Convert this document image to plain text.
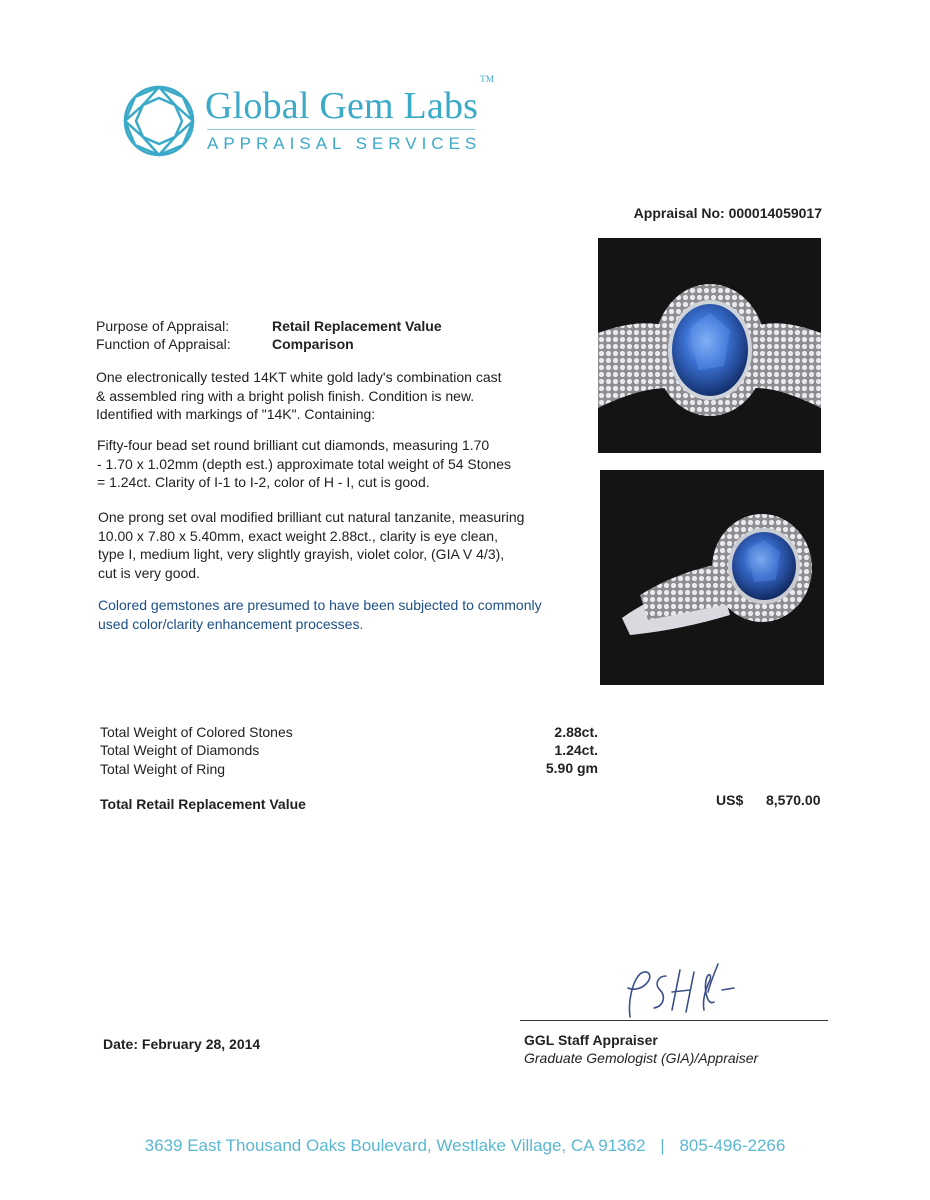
Global Gem Labs™
APPRAISAL SERVICES
Appraisal No: 000014059017
Purpose of Appraisal:	Retail Replacement Value
Function of Appraisal:	Comparison
One electronically tested 14KT white gold lady's combination cast
& assembled ring with a bright polish finish. Condition is new.
Identified with markings of "14K". Containing:
Fifty-four bead set round brilliant cut diamonds, measuring 1.70
- 1.70 x 1.02mm (depth est.) approximate total weight of 54 Stones
= 1.24ct. Clarity of I-1 to I-2, color of H - I, cut is good.
One prong set oval modified brilliant cut natural tanzanite, measuring
10.00 x 7.80 x 5.40mm, exact weight 2.88ct., clarity is eye clean,
type I, medium light, very slightly grayish, violet color, (GIA V 4/3),
cut is very good.
Colored gemstones are presumed to have been subjected to commonly
used color/clarity enhancement processes.
Total Weight of Colored Stones	2.88ct.
Total Weight of Diamonds	1.24ct.
Total Weight of Ring	5.90 gm
Total Retail Replacement Value	US$ 8,570.00
Date: February 28, 2014	GGL Staff Appraiser
Graduate Gemologist (GIA)/Appraiser
3639 East Thousand Oaks Boulevard, Westlake Village, CA 91362 | 805-496-2266
